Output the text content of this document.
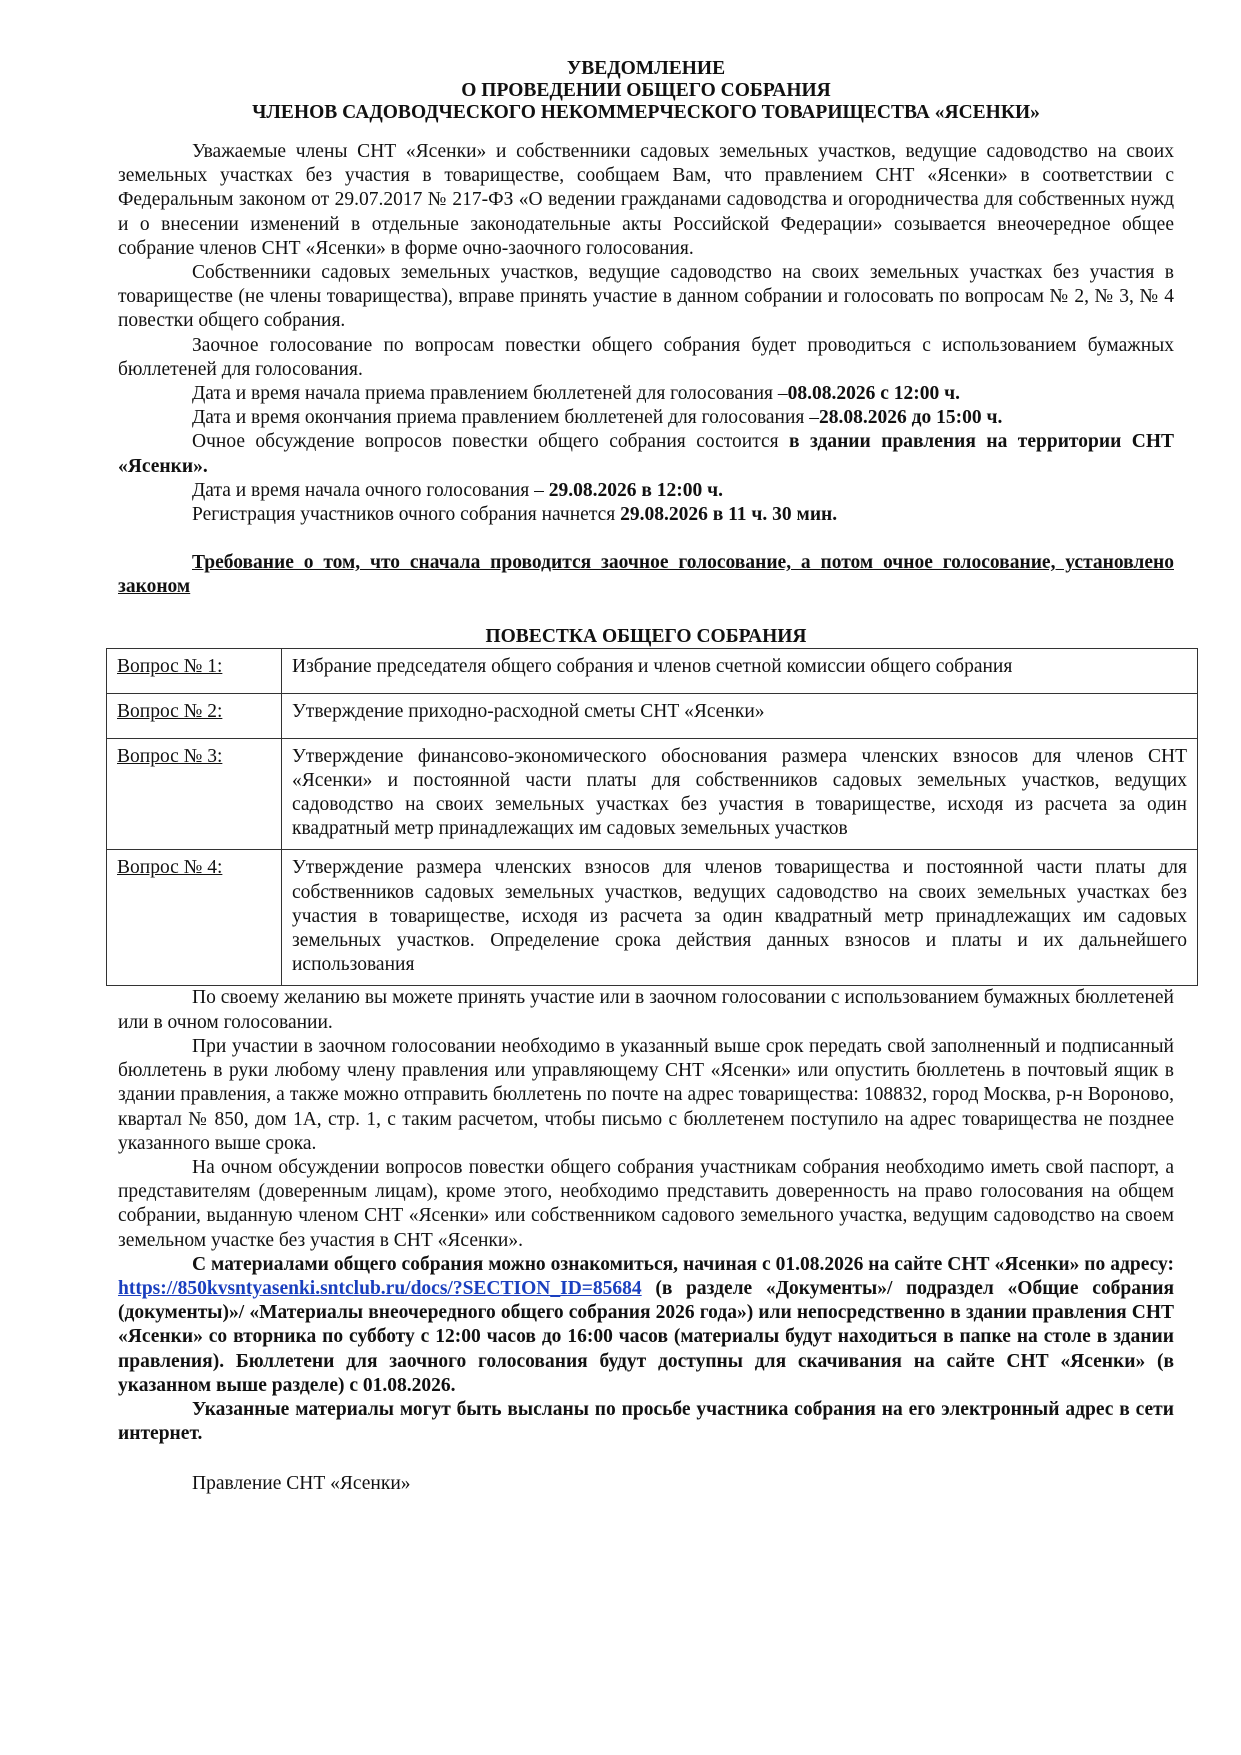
УВЕДОМЛЕНИЕ
О ПРОВЕДЕНИИ ОБЩЕГО СОБРАНИЯ
ЧЛЕНОВ САДОВОДЧЕСКОГО НЕКОММЕРЧЕСКОГО ТОВАРИЩЕСТВА «ЯСЕНКИ»

Уважаемые члены СНТ «Ясенки» и собственники садовых земельных участков, ведущие садоводство на своих земельных участках без участия в товариществе, сообщаем Вам, что правлением СНТ «Ясенки» в соответствии с Федеральным законом от 29.07.2017 № 217-ФЗ «О ведении гражданами садоводства и огородничества для собственных нужд и о внесении изменений в отдельные законодательные акты Российской Федерации» созывается внеочередное общее собрание членов СНТ «Ясенки» в форме очно-заочного голосования.

Собственники садовых земельных участков, ведущие садоводство на своих земельных участках без участия в товариществе (не члены товарищества), вправе принять участие в данном собрании и голосовать по вопросам № 2, № 3, № 4 повестки общего собрания.

Заочное голосование по вопросам повестки общего собрания будет проводиться с использованием бумажных бюллетеней для голосования.

Дата и время начала приема правлением бюллетеней для голосования –08.08.2026 с 12:00 ч.

Дата и время окончания приема правлением бюллетеней для голосования –28.08.2026 до 15:00 ч.

Очное обсуждение вопросов повестки общего собрания состоится в здании правления на территории СНТ «Ясенки».

Дата и время начала очного голосования – 29.08.2026 в 12:00 ч.

Регистрация участников очного собрания начнется 29.08.2026 в 11 ч. 30 мин.

Требование о том, что сначала проводится заочное голосование, а потом очное голосование, установлено законом

ПОВЕСТКА ОБЩЕГО СОБРАНИЯ
Вопрос № 1:	Избрание председателя общего собрания и членов счетной комиссии общего собрания
Вопрос № 2:	Утверждение приходно-расходной сметы СНТ «Ясенки»
Вопрос № 3:	Утверждение финансово-экономического обоснования размера членских взносов для членов СНТ «Ясенки» и постоянной части платы для собственников садовых земельных участков, ведущих садоводство на своих земельных участках без участия в товариществе, исходя из расчета за один квадратный метр принадлежащих им садовых земельных участков
Вопрос № 4:	Утверждение размера членских взносов для членов товарищества и постоянной части платы для собственников садовых земельных участков, ведущих садоводство на своих земельных участках без участия в товариществе, исходя из расчета за один квадратный метр принадлежащих им садовых земельных участков. Определение срока действия данных взносов и платы и их дальнейшего использования

По своему желанию вы можете принять участие или в заочном голосовании с использованием бумажных бюллетеней или в очном голосовании.

При участии в заочном голосовании необходимо в указанный выше срок передать свой заполненный и подписанный бюллетень в руки любому члену правления или управляющему СНТ «Ясенки» или опустить бюллетень в почтовый ящик в здании правления, а также можно отправить бюллетень по почте на адрес товарищества: 108832, город Москва, р-н Вороново, квартал № 850, дом 1А, стр. 1, с таким расчетом, чтобы письмо с бюллетенем поступило на адрес товарищества не позднее указанного выше срока.

На очном обсуждении вопросов повестки общего собрания участникам собрания необходимо иметь свой паспорт, а представителям (доверенным лицам), кроме этого, необходимо представить доверенность на право голосования на общем собрании, выданную членом СНТ «Ясенки» или собственником садового земельного участка, ведущим садоводство на своем земельном участке без участия в СНТ «Ясенки».

С материалами общего собрания можно ознакомиться, начиная с 01.08.2026 на сайте СНТ «Ясенки» по адресу: https://850kvsntyasenki.sntclub.ru/docs/?SECTION_ID=85684 (в разделе «Документы»/ подраздел «Общие собрания (документы)»/ «Материалы внеочередного общего собрания 2026 года») или непосредственно в здании правления СНТ «Ясенки» со вторника по субботу с 12:00 часов до 16:00 часов (материалы будут находиться в папке на столе в здании правления). Бюллетени для заочного голосования будут доступны для скачивания на сайте СНТ «Ясенки» (в указанном выше разделе) с 01.08.2026.

Указанные материалы могут быть высланы по просьбе участника собрания на его электронный адрес в сети интернет.

Правление СНТ «Ясенки»
